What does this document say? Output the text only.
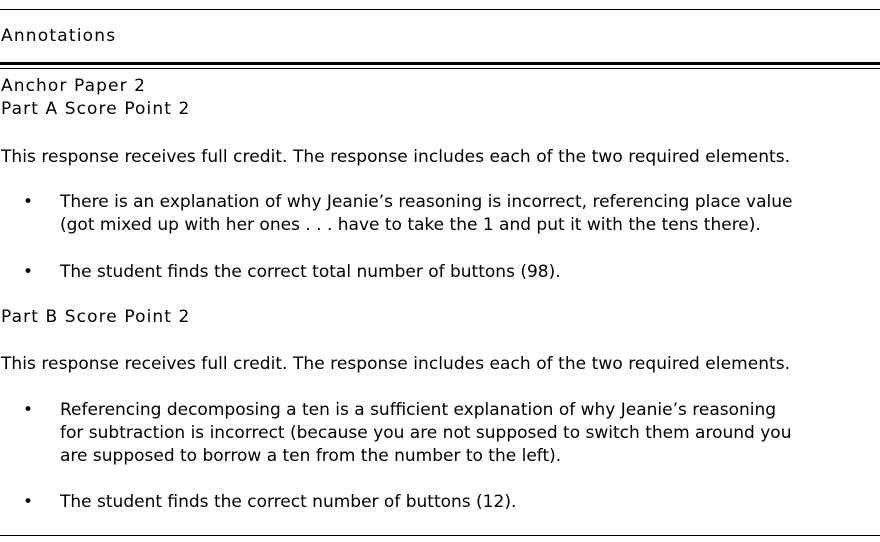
Annotations
Anchor Paper 2
Part A Score Point 2
This response receives full credit. The response includes each of the two required elements.
• There is an explanation of why Jeanie’s reasoning is incorrect, referencing place value
(got mixed up with her ones . . . have to take the 1 and put it with the tens there).
• The student finds the correct total number of buttons (98).
Part B Score Point 2
This response receives full credit. The response includes each of the two required elements.
• Referencing decomposing a ten is a sufficient explanation of why Jeanie’s reasoning
for subtraction is incorrect (because you are not supposed to switch them around you
are supposed to borrow a ten from the number to the left).
• The student finds the correct number of buttons (12).
